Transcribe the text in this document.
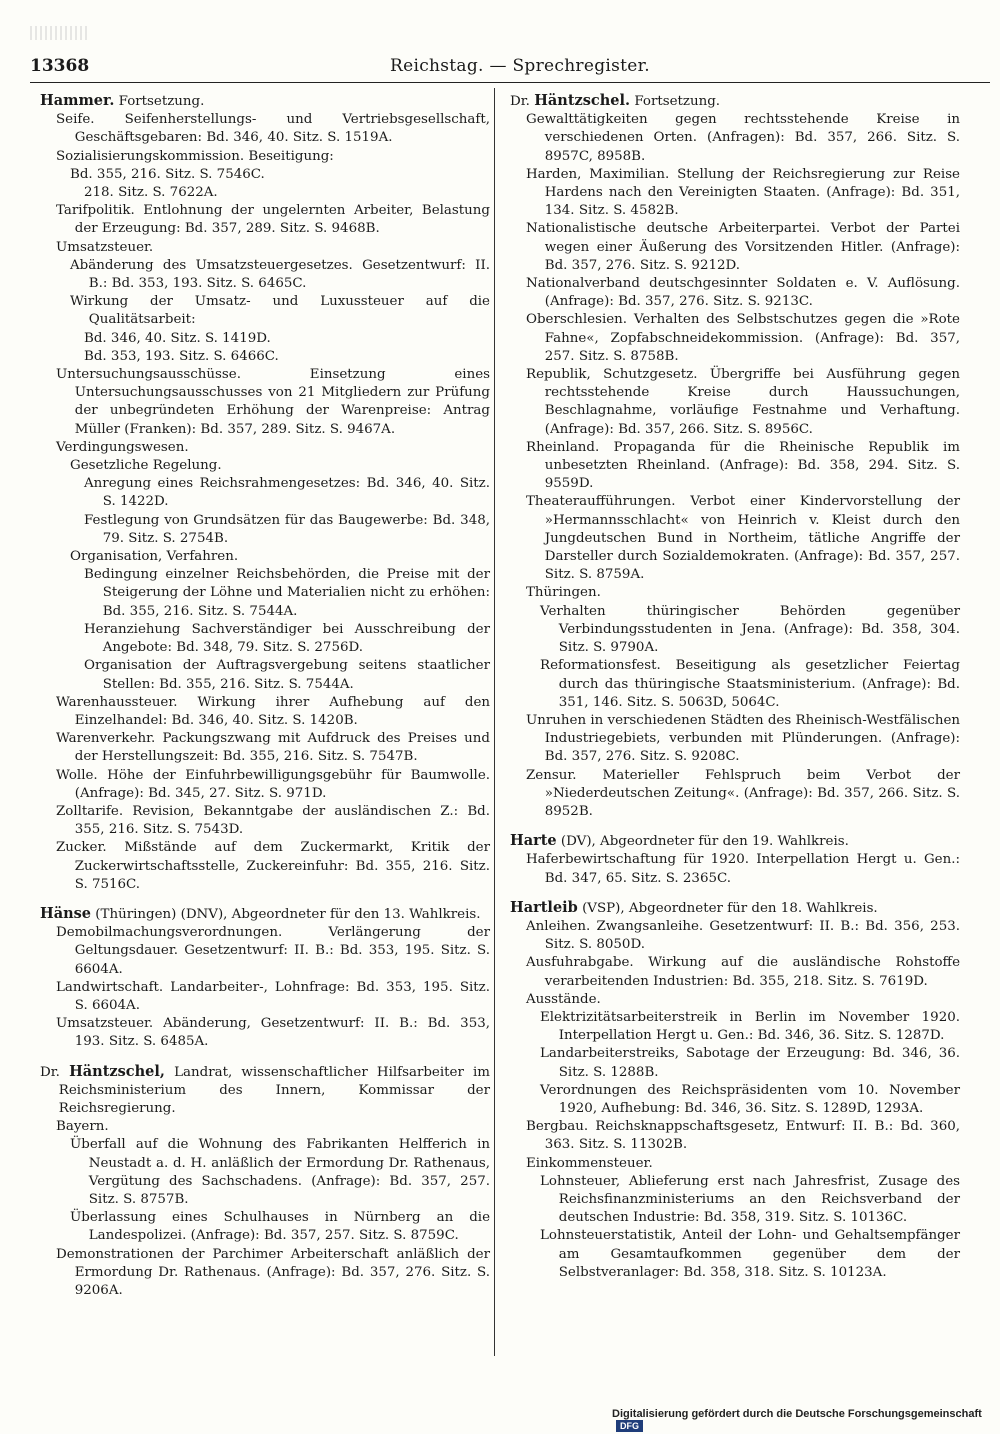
13368	Reichstag. — Sprechregister.
Hammer. Fortsetzung.
Seife. Seifenherstellungs- und Vertriebsgesellschaft, Geschäftsgebaren: Bd. 346, 40. Sitz. S. 1519A.
Sozialisierungskommission. Beseitigung:
Bd. 355, 216. Sitz. S. 7546C.
218. Sitz. S. 7622A.
Tarifpolitik. Entlohnung der ungelernten Arbeiter, Belastung der Erzeugung: Bd. 357, 289. Sitz. S. 9468B.
Umsatzsteuer.
Abänderung des Umsatzsteuergesetzes. Gesetzentwurf: II. B.: Bd. 353, 193. Sitz. S. 6465C.
Wirkung der Umsatz- und Luxussteuer auf die Qualitätsarbeit:
Bd. 346, 40. Sitz. S. 1419D.
Bd. 353, 193. Sitz. S. 6466C.
Untersuchungsausschüsse. Einsetzung eines Untersuchungsausschusses von 21 Mitgliedern zur Prüfung der unbegründeten Erhöhung der Warenpreise: Antrag Müller (Franken): Bd. 357, 289. Sitz. S. 9467A.
Verdingungswesen.
Gesetzliche Regelung.
Anregung eines Reichsrahmengesetzes: Bd. 346, 40. Sitz. S. 1422D.
Festlegung von Grundsätzen für das Baugewerbe: Bd. 348, 79. Sitz. S. 2754B.
Organisation, Verfahren.
Bedingung einzelner Reichsbehörden, die Preise mit der Steigerung der Löhne und Materialien nicht zu erhöhen: Bd. 355, 216. Sitz. S. 7544A.
Heranziehung Sachverständiger bei Ausschreibung der Angebote: Bd. 348, 79. Sitz. S. 2756D.
Organisation der Auftragsvergebung seitens staatlicher Stellen: Bd. 355, 216. Sitz. S. 7544A.
Warenhaussteuer. Wirkung ihrer Aufhebung auf den Einzelhandel: Bd. 346, 40. Sitz. S. 1420B.
Warenverkehr. Packungszwang mit Aufdruck des Preises und der Herstellungszeit: Bd. 355, 216. Sitz. S. 7547B.
Wolle. Höhe der Einfuhrbewilligungsgebühr für Baumwolle. (Anfrage): Bd. 345, 27. Sitz. S. 971D.
Zolltarife. Revision, Bekanntgabe der ausländischen Z.: Bd. 355, 216. Sitz. S. 7543D.
Zucker. Mißstände auf dem Zuckermarkt, Kritik der Zuckerwirtschaftsstelle, Zuckereinfuhr: Bd. 355, 216. Sitz. S. 7516C.
Hänse (Thüringen) (DNV), Abgeordneter für den 13. Wahlkreis.
Demobilmachungsverordnungen. Verlängerung der Geltungsdauer. Gesetzentwurf: II. B.: Bd. 353, 195. Sitz. S. 6604A.
Landwirtschaft. Landarbeiter-, Lohnfrage: Bd. 353, 195. Sitz. S. 6604A.
Umsatzsteuer. Abänderung, Gesetzentwurf: II. B.: Bd. 353, 193. Sitz. S. 6485A.
Dr. Häntzschel, Landrat, wissenschaftlicher Hilfsarbeiter im Reichsministerium des Innern, Kommissar der Reichsregierung.
Bayern.
Überfall auf die Wohnung des Fabrikanten Helfferich in Neustadt a. d. H. anläßlich der Ermordung Dr. Rathenaus, Vergütung des Sachschadens. (Anfrage): Bd. 357, 257. Sitz. S. 8757B.
Überlassung eines Schulhauses in Nürnberg an die Landespolizei. (Anfrage): Bd. 357, 257. Sitz. S. 8759C.
Demonstrationen der Parchimer Arbeiterschaft anläßlich der Ermordung Dr. Rathenaus. (Anfrage): Bd. 357, 276. Sitz. S. 9206A.
Dr. Häntzschel. Fortsetzung.
Gewalttätigkeiten gegen rechtsstehende Kreise in verschiedenen Orten. (Anfragen): Bd. 357, 266. Sitz. S. 8957C, 8958B.
Harden, Maximilian. Stellung der Reichsregierung zur Reise Hardens nach den Vereinigten Staaten. (Anfrage): Bd. 351, 134. Sitz. S. 4582B.
Nationalistische deutsche Arbeiterpartei. Verbot der Partei wegen einer Äußerung des Vorsitzenden Hitler. (Anfrage): Bd. 357, 276. Sitz. S. 9212D.
Nationalverband deutschgesinnter Soldaten e. V. Auflösung. (Anfrage): Bd. 357, 276. Sitz. S. 9213C.
Oberschlesien. Verhalten des Selbstschutzes gegen die »Rote Fahne«, Zopfabschneidekommission. (Anfrage): Bd. 357, 257. Sitz. S. 8758B.
Republik, Schutzgesetz. Übergriffe bei Ausführung gegen rechtsstehende Kreise durch Haussuchungen, Beschlagnahme, vorläufige Festnahme und Verhaftung. (Anfrage): Bd. 357, 266. Sitz. S. 8956C.
Rheinland. Propaganda für die Rheinische Republik im unbesetzten Rheinland. (Anfrage): Bd. 358, 294. Sitz. S. 9559D.
Theateraufführungen. Verbot einer Kindervorstellung der »Hermannsschlacht« von Heinrich v. Kleist durch den Jungdeutschen Bund in Northeim, tätliche Angriffe der Darsteller durch Sozialdemokraten. (Anfrage): Bd. 357, 257. Sitz. S. 8759A.
Thüringen.
Verhalten thüringischer Behörden gegenüber Verbindungsstudenten in Jena. (Anfrage): Bd. 358, 304. Sitz. S. 9790A.
Reformationsfest. Beseitigung als gesetzlicher Feiertag durch das thüringische Staatsministerium. (Anfrage): Bd. 351, 146. Sitz. S. 5063D, 5064C.
Unruhen in verschiedenen Städten des Rheinisch-Westfälischen Industriegebiets, verbunden mit Plünderungen. (Anfrage): Bd. 357, 276. Sitz. S. 9208C.
Zensur. Materieller Fehlspruch beim Verbot der »Niederdeutschen Zeitung«. (Anfrage): Bd. 357, 266. Sitz. S. 8952B.
Harte (DV), Abgeordneter für den 19. Wahlkreis.
Haferbewirtschaftung für 1920. Interpellation Hergt u. Gen.: Bd. 347, 65. Sitz. S. 2365C.
Hartleib (VSP), Abgeordneter für den 18. Wahlkreis.
Anleihen. Zwangsanleihe. Gesetzentwurf: II. B.: Bd. 356, 253. Sitz. S. 8050D.
Ausfuhrabgabe. Wirkung auf die ausländische Rohstoffe verarbeitenden Industrien: Bd. 355, 218. Sitz. S. 7619D.
Ausstände.
Elektrizitätsarbeiterstreik in Berlin im November 1920. Interpellation Hergt u. Gen.: Bd. 346, 36. Sitz. S. 1287D.
Landarbeiterstreiks, Sabotage der Erzeugung: Bd. 346, 36. Sitz. S. 1288B.
Verordnungen des Reichspräsidenten vom 10. November 1920, Aufhebung: Bd. 346, 36. Sitz. S. 1289D, 1293A.
Bergbau. Reichsknappschaftsgesetz, Entwurf: II. B.: Bd. 360, 363. Sitz. S. 11302B.
Einkommensteuer.
Lohnsteuer, Ablieferung erst nach Jahresfrist, Zusage des Reichsfinanzministeriums an den Reichsverband der deutschen Industrie: Bd. 358, 319. Sitz. S. 10136C.
Lohnsteuerstatistik, Anteil der Lohn- und Gehaltsempfänger am Gesamtaufkommen gegenüber dem der Selbstveranlager: Bd. 358, 318. Sitz. S. 10123A.
Digitalisierung gefördert durch die Deutsche Forschungsgemeinschaft DFG
